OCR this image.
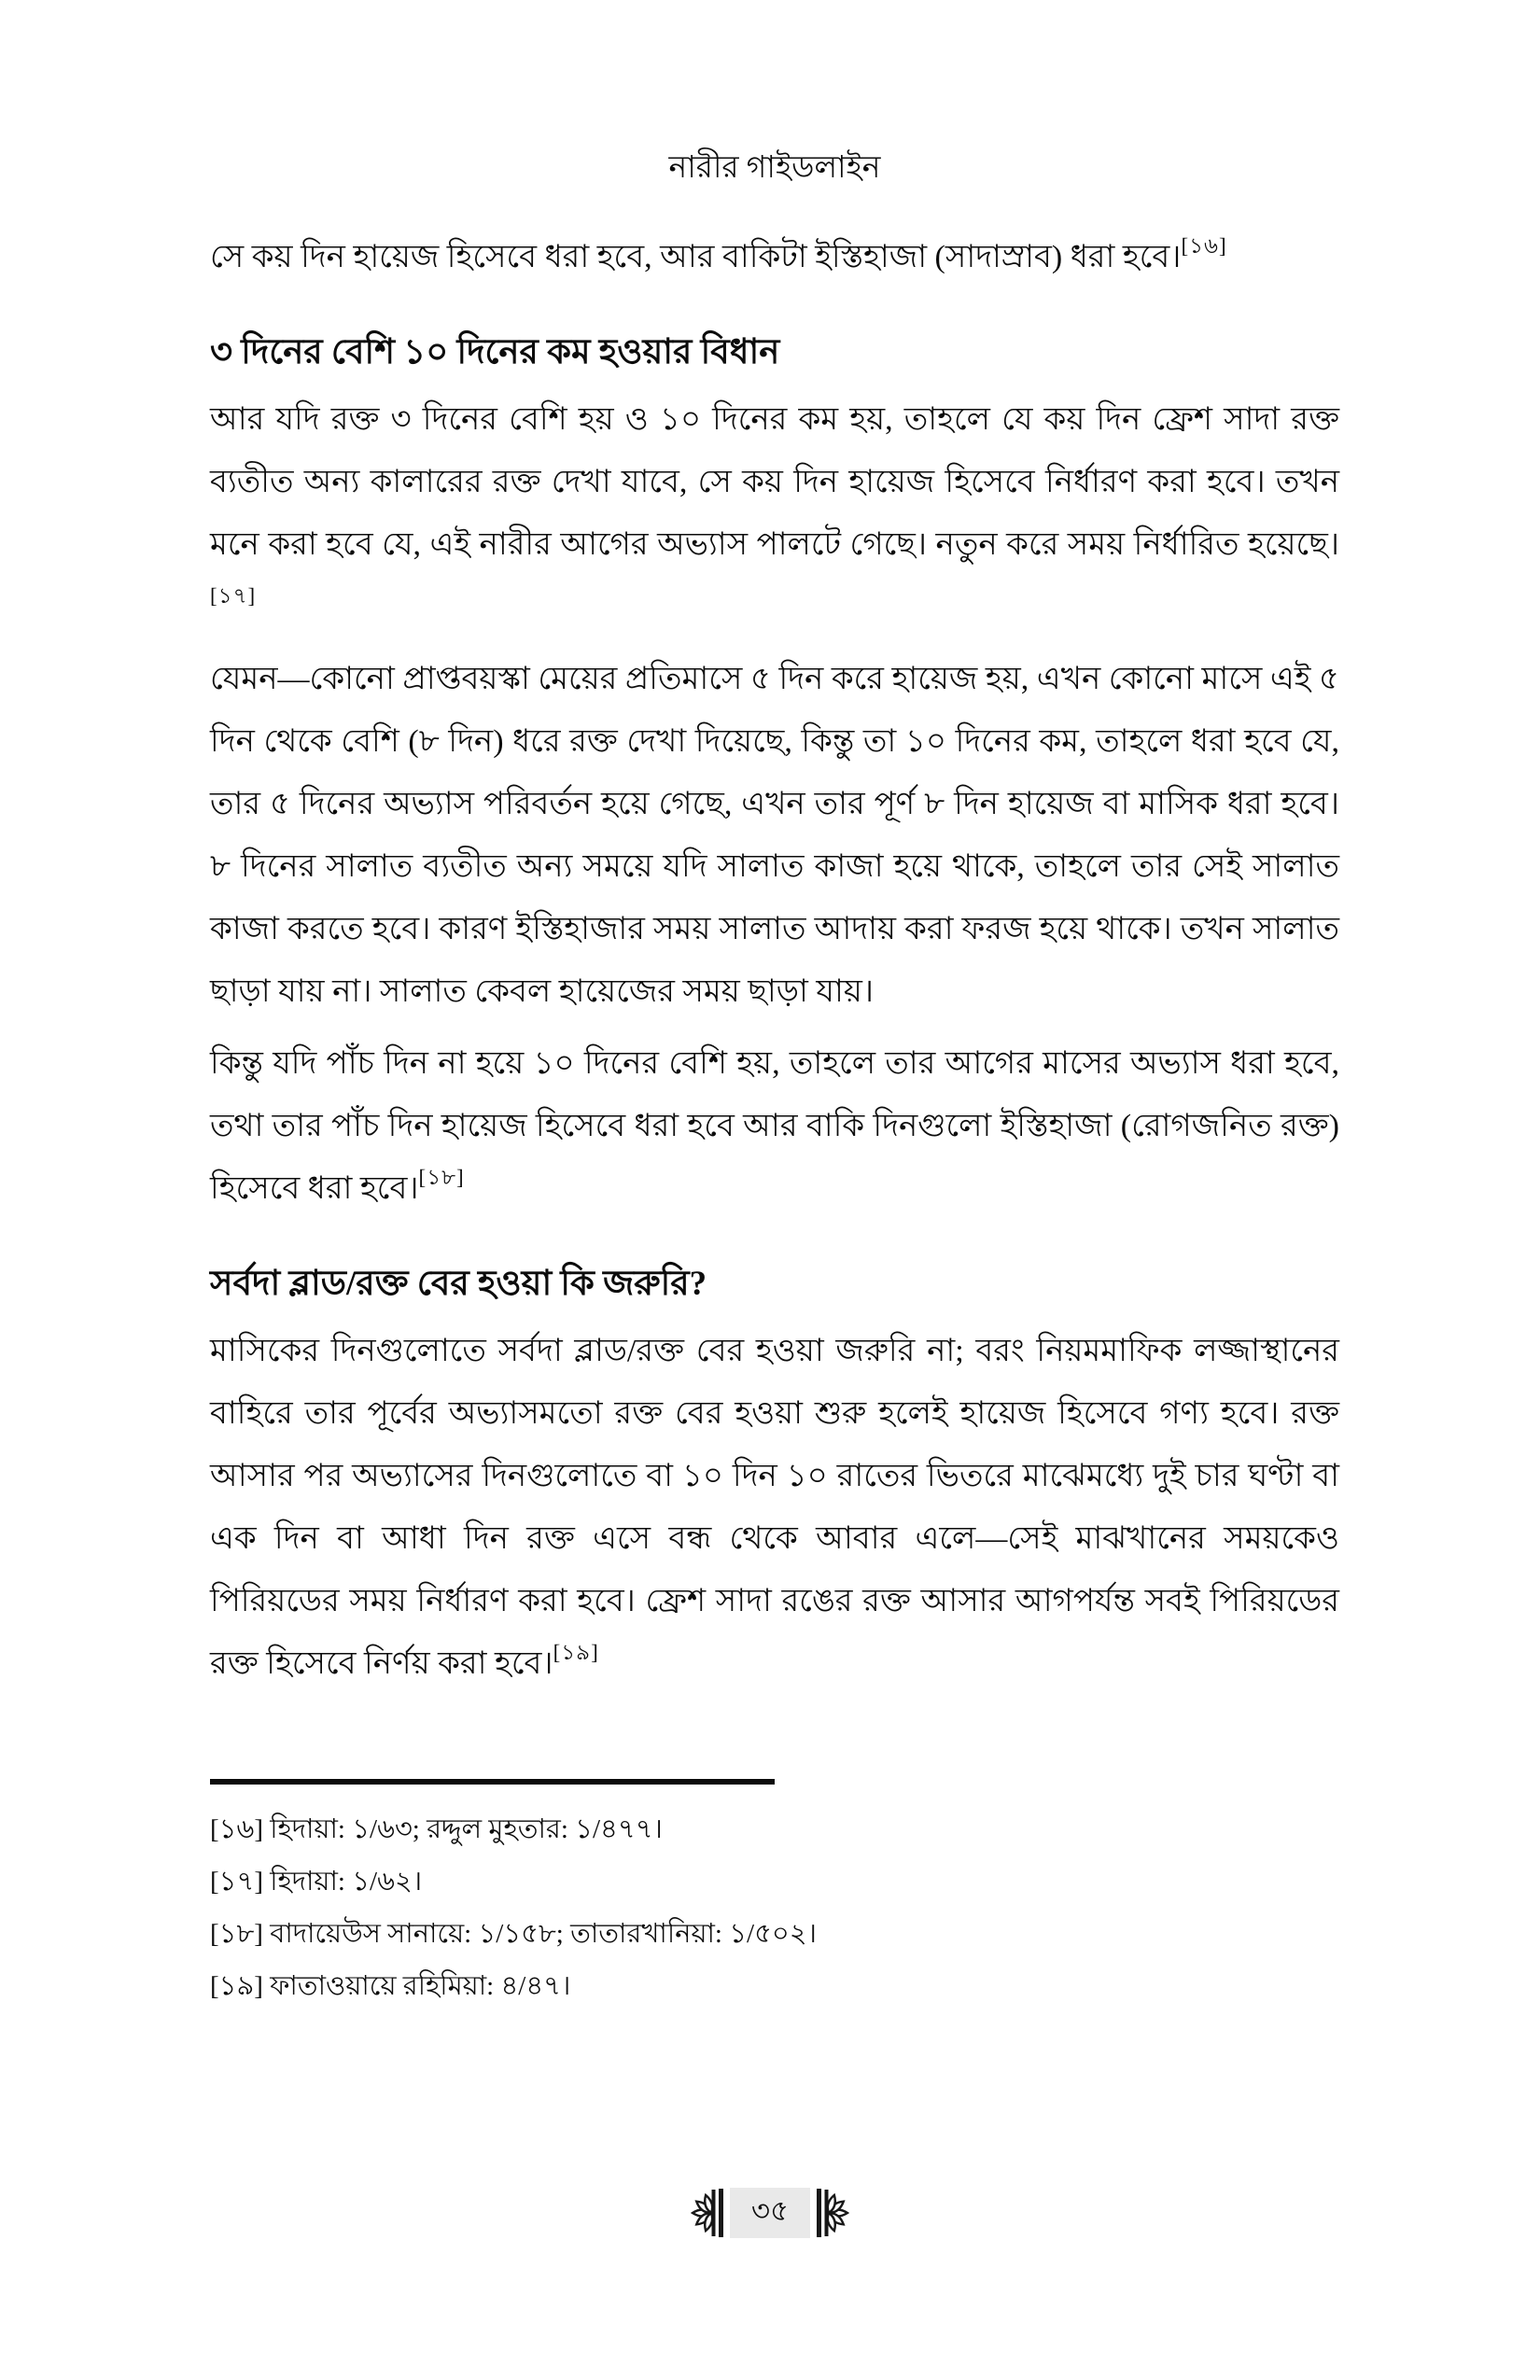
নারীর গাইডলাইন

সে কয় দিন হায়েজ হিসেবে ধরা হবে, আর বাকিটা ইস্তিহাজা (সাদাস্রাব) ধরা হবে।[১৬]

৩ দিনের বেশি ১০ দিনের কম হওয়ার বিধান

আর যদি রক্ত ৩ দিনের বেশি হয় ও ১০ দিনের কম হয়, তাহলে যে কয় দিন ফ্রেশ সাদা রক্ত ব্যতীত অন্য কালারের রক্ত দেখা যাবে, সে কয় দিন হায়েজ হিসেবে নির্ধারণ করা হবে। তখন মনে করা হবে যে, এই নারীর আগের অভ্যাস পালটে গেছে। নতুন করে সময় নির্ধারিত হয়েছে।[১৭]

যেমন—কোনো প্রাপ্তবয়স্কা মেয়ের প্রতিমাসে ৫ দিন করে হায়েজ হয়, এখন কোনো মাসে এই ৫ দিন থেকে বেশি (৮ দিন) ধরে রক্ত দেখা দিয়েছে, কিন্তু তা ১০ দিনের কম, তাহলে ধরা হবে যে, তার ৫ দিনের অভ্যাস পরিবর্তন হয়ে গেছে, এখন তার পূর্ণ ৮ দিন হায়েজ বা মাসিক ধরা হবে। ৮ দিনের সালাত ব্যতীত অন্য সময়ে যদি সালাত কাজা হয়ে থাকে, তাহলে তার সেই সালাত কাজা করতে হবে। কারণ ইস্তিহাজার সময় সালাত আদায় করা ফরজ হয়ে থাকে। তখন সালাত ছাড়া যায় না। সালাত কেবল হায়েজের সময় ছাড়া যায়।

কিন্তু যদি পাঁচ দিন না হয়ে ১০ দিনের বেশি হয়, তাহলে তার আগের মাসের অভ্যাস ধরা হবে, তথা তার পাঁচ দিন হায়েজ হিসেবে ধরা হবে আর বাকি দিনগুলো ইস্তিহাজা (রোগজনিত রক্ত) হিসেবে ধরা হবে।[১৮]

সর্বদা ব্লাড/রক্ত বের হওয়া কি জরুরি?

মাসিকের দিনগুলোতে সর্বদা ব্লাড/রক্ত বের হওয়া জরুরি না; বরং নিয়মমাফিক লজ্জাস্থানের বাহিরে তার পূর্বের অভ্যাসমতো রক্ত বের হওয়া শুরু হলেই হায়েজ হিসেবে গণ্য হবে। রক্ত আসার পর অভ্যাসের দিনগুলোতে বা ১০ দিন ১০ রাতের ভিতরে মাঝেমধ্যে দুই চার ঘণ্টা বা এক দিন বা আধা দিন রক্ত এসে বন্ধ থেকে আবার এলে—সেই মাঝখানের সময়কেও পিরিয়ডের সময় নির্ধারণ করা হবে। ফ্রেশ সাদা রঙের রক্ত আসার আগপর্যন্ত সবই পিরিয়ডের রক্ত হিসেবে নির্ণয় করা হবে।[১৯]

[১৬] হিদায়া: ১/৬৩; রদ্দুল মুহতার: ১/৪৭৭।
[১৭] হিদায়া: ১/৬২।
[১৮] বাদায়েউস সানায়ে: ১/১৫৮; তাতারখানিয়া: ১/৫০২।
[১৯] ফাতাওয়ায়ে রহিমিয়া: ৪/৪৭।
৩৫
